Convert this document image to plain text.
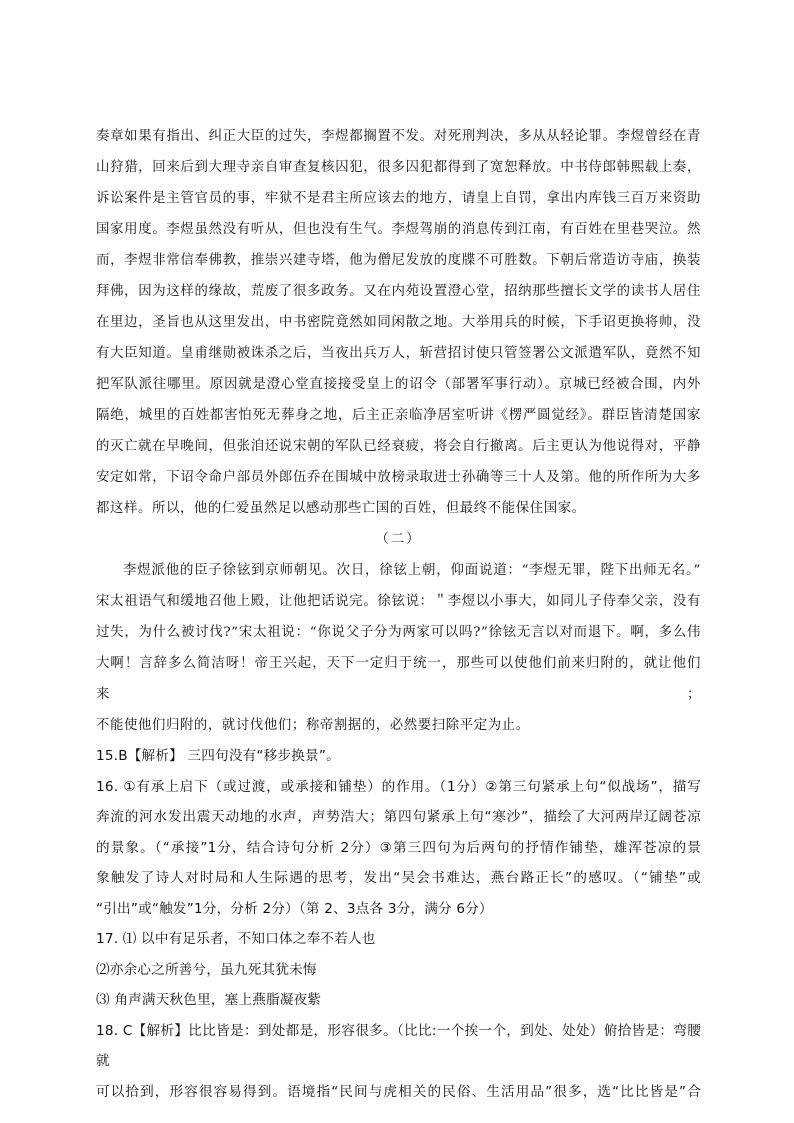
奏章如果有指出、纠正大臣的过失，李煜都搁置不发。对死刑判决，多从从轻论罪。李煜曾经在青

山狩猎，回来后到大理寺亲自审查复核囚犯，很多囚犯都得到了宽恕释放。中书侍郎韩熙载上奏，

诉讼案件是主管官员的事，牢狱不是君主所应该去的地方，请皇上自罚，拿出内库钱三百万来资助

国家用度。李煜虽然没有听从，但也没有生气。李煜驾崩的消息传到江南，有百姓在里巷哭泣。然

而，李煜非常信奉佛教，推崇兴建寺塔，他为僧尼发放的度牒不可胜数。下朝后常造访寺庙，换装

拜佛，因为这样的缘故，荒废了很多政务。又在内苑设置澄心堂，招纳那些擅长文学的读书人居住

在里边，圣旨也从这里发出，中书密院竟然如同闲散之地。大举用兵的时候，下手诏更换将帅，没

有大臣知道。皇甫继勋被诛杀之后，当夜出兵万人，斩营招讨使只管签署公文派遣军队，竟然不知

把军队派往哪里。原因就是澄心堂直接接受皇上的诏令（部署军事行动）。京城已经被合围，内外

隔绝，城里的百姓都害怕死无葬身之地，后主正亲临净居室听讲《楞严圆觉经》。群臣皆清楚国家

的灭亡就在早晚间，但张洎还说宋朝的军队已经衰疲，将会自行撤离。后主更认为他说得对，平静

安定如常，下诏令命户部员外郎伍乔在围城中放榜录取进士孙确等三十人及第。他的所作所为大多

都这样。所以，他的仁爱虽然足以感动那些亡国的百姓，但最终不能保住国家。

（二）

李煜派他的臣子徐铉到京师朝见。次日，徐铉上朝，仰面说道：“李煜无罪，陛下出师无名。”

宋太祖语气和缓地召他上殿，让他把话说完。徐铉说：＂李煜以小事大，如同儿子侍奉父亲，没有

过失，为什么被讨伐?”宋太祖说：“你说父子分为两家可以吗?”徐铉无言以对而退下。啊，多么伟

大啊！言辞多么简洁呀！帝王兴起，天下一定归于统一，那些可以使他们前来归附的，就让他们来；

不能使他们归附的，就讨伐他们；称帝割据的，必然要扫除平定为止。

15.B【解析】 三四句没有“移步换景”。

16. ①有承上启下（或过渡，或承接和铺垫）的作用。（1分）②第三句紧承上句“似战场”，描写

奔流的河水发出震天动地的水声，声势浩大；第四句紧承上句“寒沙”，描绘了大河两岸辽阔苍凉

的景象。（“承接”1分，结合诗句分析 2分）③第三四句为后两句的抒情作铺垫，雄浑苍凉的景

象触发了诗人对时局和人生际遇的思考，发出“吴会书难达，燕台路正长”的感叹。（“铺垫”或

“引出”或“触发”1分，分析 2分）（第 2、3点各 3分，满分 6分）

17. ⑴ 以中有足乐者，不知口体之奉不若人也

⑵亦余心之所善兮，虽九死其犹未悔

⑶ 角声满天秋色里，塞上燕脂凝夜紫

18. C【解析】比比皆是：到处都是，形容很多。（比比:一个挨一个，到处、处处）俯拾皆是：弯腰就

可以拾到，形容很容易得到。语境指“民间与虎相关的民俗、生活用品”很多，选“比比皆是”合
